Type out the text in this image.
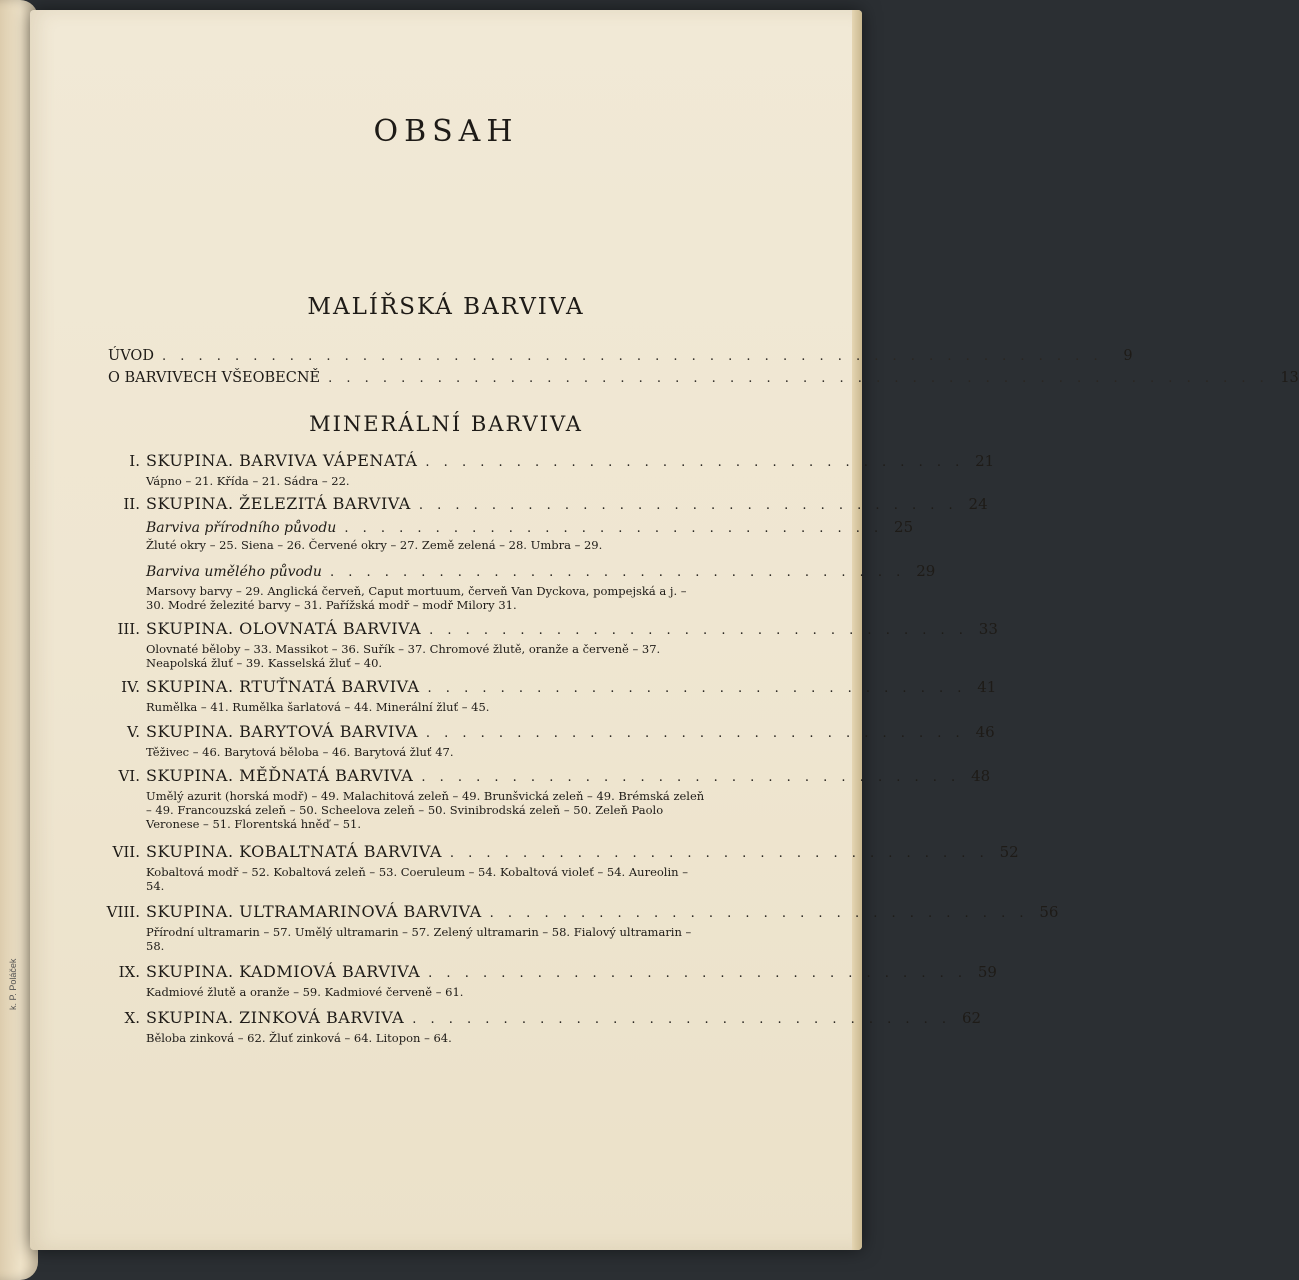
k. P. Poláček
OBSAH
MALÍŘSKÁ BARVIVA
ÚVOD . . . . . . . . . . . . . . . . . . . . . . . . . . . . . . . . . . . . . . . . . . . . . . . . . . . .	9
O BARVIVECH VŠEOBECNĚ . . . . . . . . . . . . . . . . . . . . . . . . . . . . . . . . . . . . . . . . . . . . . . . . . . . . 13
MINERÁLNÍ BARVIVA
I. SKUPINA. BARVIVA VÁPENATÁ . . . . . . . . . . . . . . . . . . . . . . . . . . . . . . 21
Vápno – 21. Křída – 21. Sádra – 22.
II. SKUPINA. ŽELEZITÁ BARVIVA . . . . . . . . . . . . . . . . . . . . . . . . . . . . . . 24
Barviva přírodního původu . . . . . . . . . . . . . . . . . . . . . . . . . . . . . . 25
Žluté okry – 25. Siena – 26. Červené okry – 27. Země zelená – 28. Umbra – 29.
Barviva umělého původu . . . . . . . . . . . . . . . . . . . . . . . . . . . . . . . . 29
Marsovy barvy – 29. Anglická červeň, Caput mortuum, červeň Van Dyckova, pompejská a j. – 30. Modré železité barvy – 31. Pařížská modř – modř Milory 31.
III. SKUPINA. OLOVNATÁ BARVIVA . . . . . . . . . . . . . . . . . . . . . . . . . . . . . . 33
Olovnaté běloby – 33. Massikot – 36. Suřík – 37. Chromové žlutě, oranže a červeně – 37. Neapolská žluť – 39. Kasselská žluť – 40.
IV. SKUPINA. RTUŤNATÁ BARVIVA . . . . . . . . . . . . . . . . . . . . . . . . . . . . . . 41
Rumělka – 41. Rumělka šarlatová – 44. Minerální žluť – 45.
V. SKUPINA. BARYTOVÁ BARVIVA . . . . . . . . . . . . . . . . . . . . . . . . . . . . . . 46
Těživec – 46. Barytová běloba – 46. Barytová žluť 47.
VI. SKUPINA. MĚĎNATÁ BARVIVA . . . . . . . . . . . . . . . . . . . . . . . . . . . . . . 48
Umělý azurit (horská modř) – 49. Malachitová zeleň – 49. Brunšvická zeleň – 49. Brémská zeleň – 49. Francouzská zeleň – 50. Scheelova zeleň – 50. Svinibrodská zeleň – 50. Zeleň Paolo Veronese – 51. Florentská hněď – 51.
VII. SKUPINA. KOBALTNATÁ BARVIVA . . . . . . . . . . . . . . . . . . . . . . . . . . . . . . 52
Kobaltová modř – 52. Kobaltová zeleň – 53. Coeruleum – 54. Kobaltová violeť – 54. Aureolin – 54.
VIII. SKUPINA. ULTRAMARINOVÁ BARVIVA . . . . . . . . . . . . . . . . . . . . . . . . . . . . . . 56
Přírodní ultramarin – 57. Umělý ultramarin – 57. Zelený ultramarin – 58. Fialový ultramarin – 58.
IX. SKUPINA. KADMIOVÁ BARVIVA . . . . . . . . . . . . . . . . . . . . . . . . . . . . . . 59
Kadmiové žlutě a oranže – 59. Kadmiové červeně – 61.
X. SKUPINA. ZINKOVÁ BARVIVA . . . . . . . . . . . . . . . . . . . . . . . . . . . . . . 62
Běloba zinková – 62. Žluť zinková – 64. Litopon – 64.
